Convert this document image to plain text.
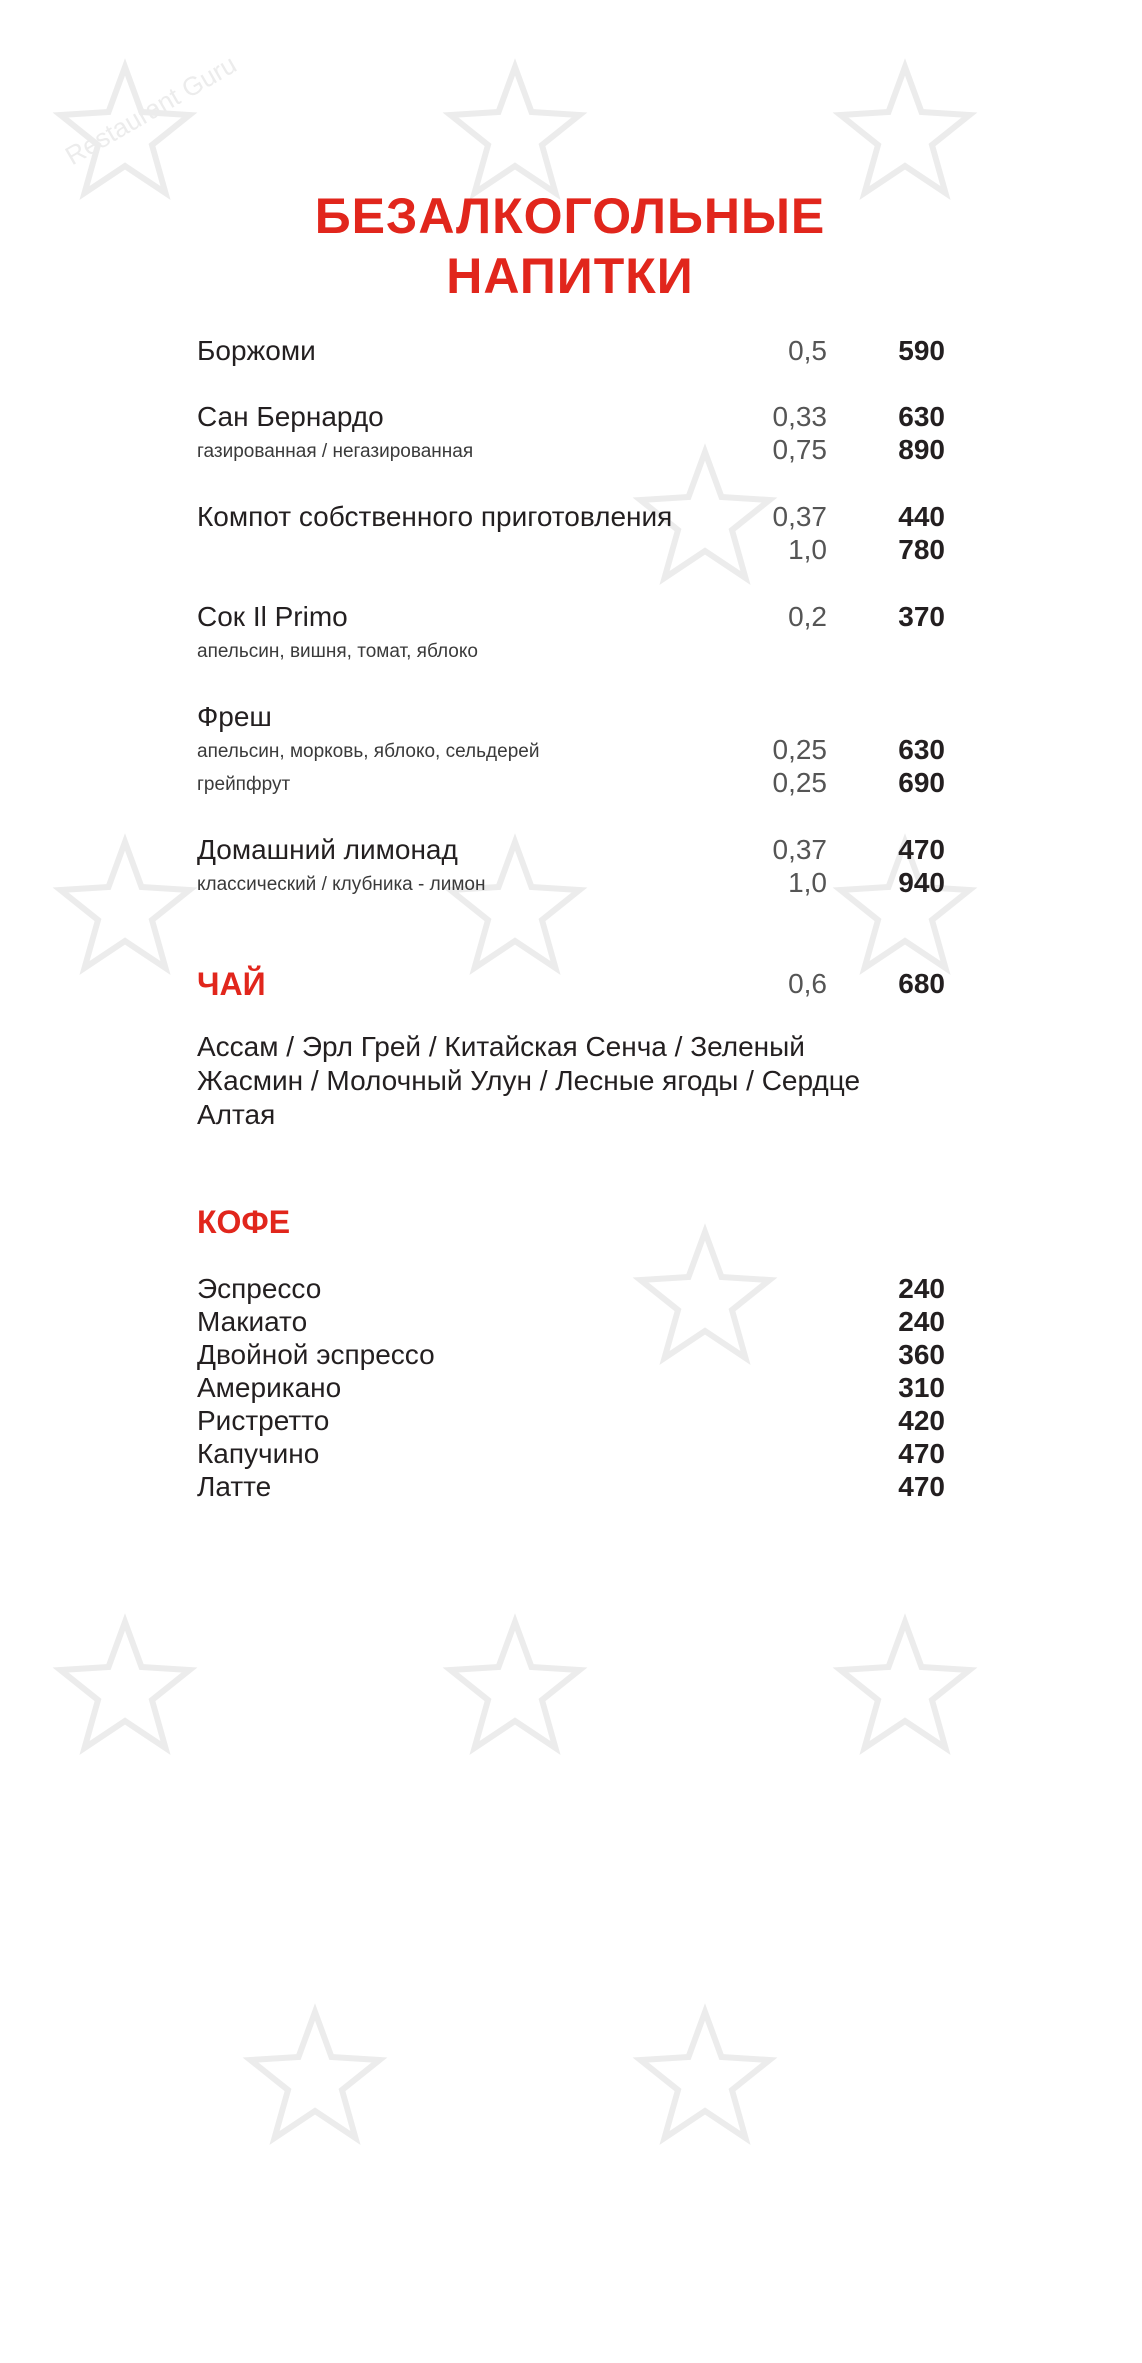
Restaurant Guru
БЕЗАЛКОГОЛЬНЫЕ
НАПИТКИ
Боржоми	0,5	590
Сан Бернардо	0,33	630
газированная / негазированная	0,75	890
Компот собственного приготовления	0,37	440
1,0	780
Сок Il Primo	0,2	370
апельсин, вишня, томат, яблоко
Фреш
апельсин, морковь, яблоко, сельдерей	0,25	630
грейпфрут	0,25	690
Домашний лимонад	0,37	470
классический / клубника - лимон	1,0	940
ЧАЙ	0,6	680
Ассам / Эрл Грей / Китайская Сенча / Зеленый Жасмин / Молочный Улун / Лесные ягоды / Сердце Алтая
КОФЕ
Эспрессо	240
Макиато	240
Двойной эспрессо	360
Американо	310
Ристретто	420
Капучино	470
Латте	470
